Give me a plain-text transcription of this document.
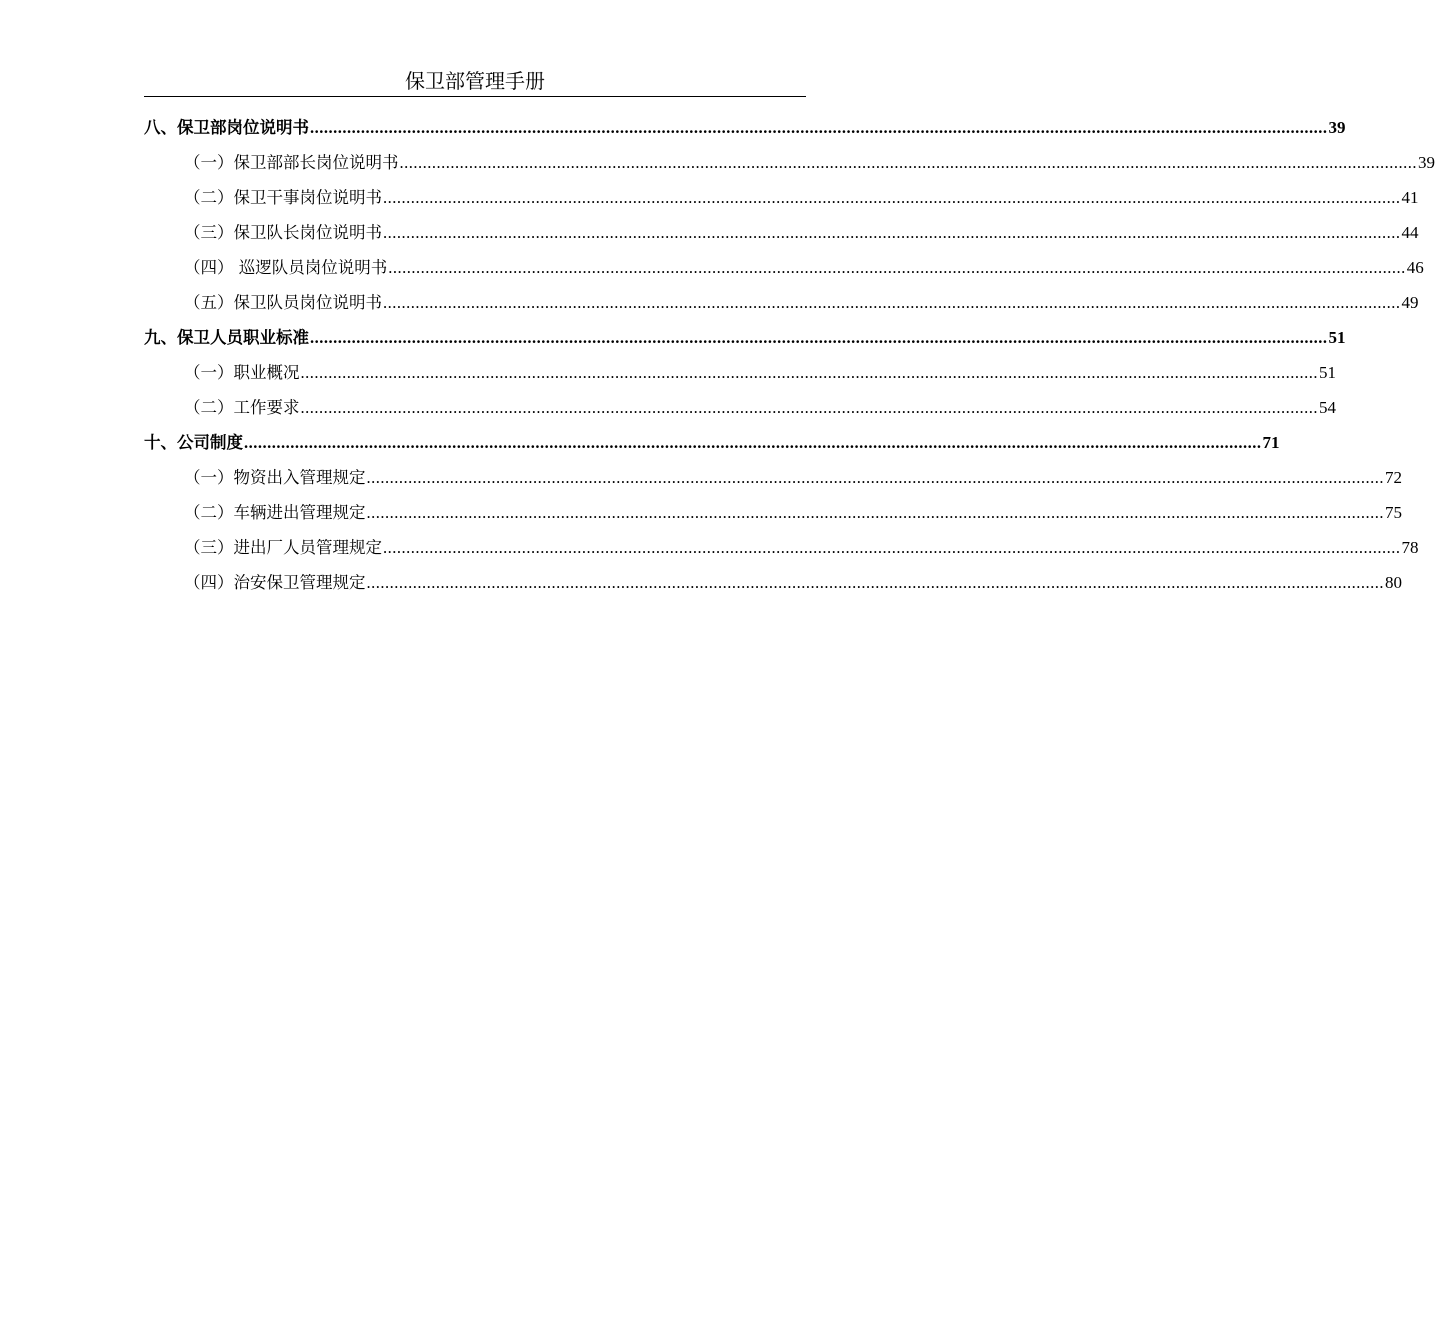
保卫部管理手册
八、保卫部岗位说明书 ............................................................................................................................................................................................................................ 39
（一）保卫部部长岗位说明书 ............................................................................................................................................................................................................................ 39
（二）保卫干事岗位说明书 ............................................................................................................................................................................................................................ 41
（三）保卫队长岗位说明书 ............................................................................................................................................................................................................................ 44
（四） 巡逻队员岗位说明书 ............................................................................................................................................................................................................................ 46
（五）保卫队员岗位说明书 ............................................................................................................................................................................................................................ 49
九、保卫人员职业标准 ............................................................................................................................................................................................................................ 51
（一）职业概况 ............................................................................................................................................................................................................................ 51
（二）工作要求 ............................................................................................................................................................................................................................ 54
十、公司制度 ............................................................................................................................................................................................................................ 71
（一）物资出入管理规定 ............................................................................................................................................................................................................................ 72
（二）车辆进出管理规定 ............................................................................................................................................................................................................................ 75
（三）进出厂人员管理规定 ............................................................................................................................................................................................................................ 78
（四）治安保卫管理规定 ............................................................................................................................................................................................................................ 80
